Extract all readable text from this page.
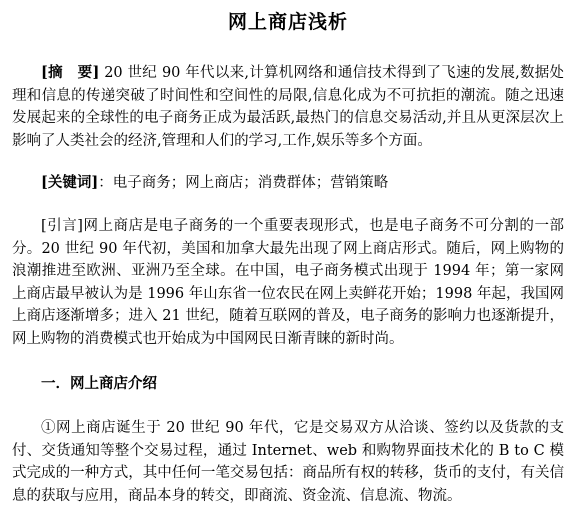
网上商店浅析

[摘　要] 20 世纪 90 年代以来,计算机网络和通信技术得到了飞速的发展,数据处理和信息的传递突破了时间性和空间性的局限,信息化成为不可抗拒的潮流。随之迅速发展起来的全球性的电子商务正成为最活跃,最热门的信息交易活动,并且从更深层次上影响了人类社会的经济,管理和人们的学习,工作,娱乐等多个方面。

[关键词]：电子商务；网上商店；消费群体；营销策略

[引言]网上商店是电子商务的一个重要表现形式，也是电子商务不可分割的一部分。20 世纪 90 年代初，美国和加拿大最先出现了网上商店形式。随后，网上购物的浪潮推进至欧洲、亚洲乃至全球。在中国，电子商务模式出现于 1994 年；第一家网上商店最早被认为是 1996 年山东省一位农民在网上卖鲜花开始；1998 年起，我国网上商店逐渐增多；进入 21 世纪，随着互联网的普及，电子商务的影响力也逐渐提升，网上购物的消费模式也开始成为中国网民日渐青睐的新时尚。

一．网上商店介绍

①网上商店诞生于 20 世纪 90 年代，它是交易双方从洽谈、签约以及货款的支付、交货通知等整个交易过程，通过 Internet、web 和购物界面技术化的 B to C 模式完成的一种方式，其中任何一笔交易包括：商品所有权的转移，货币的支付，有关信息的获取与应用，商品本身的转交，即商流、资金流、信息流、物流。
